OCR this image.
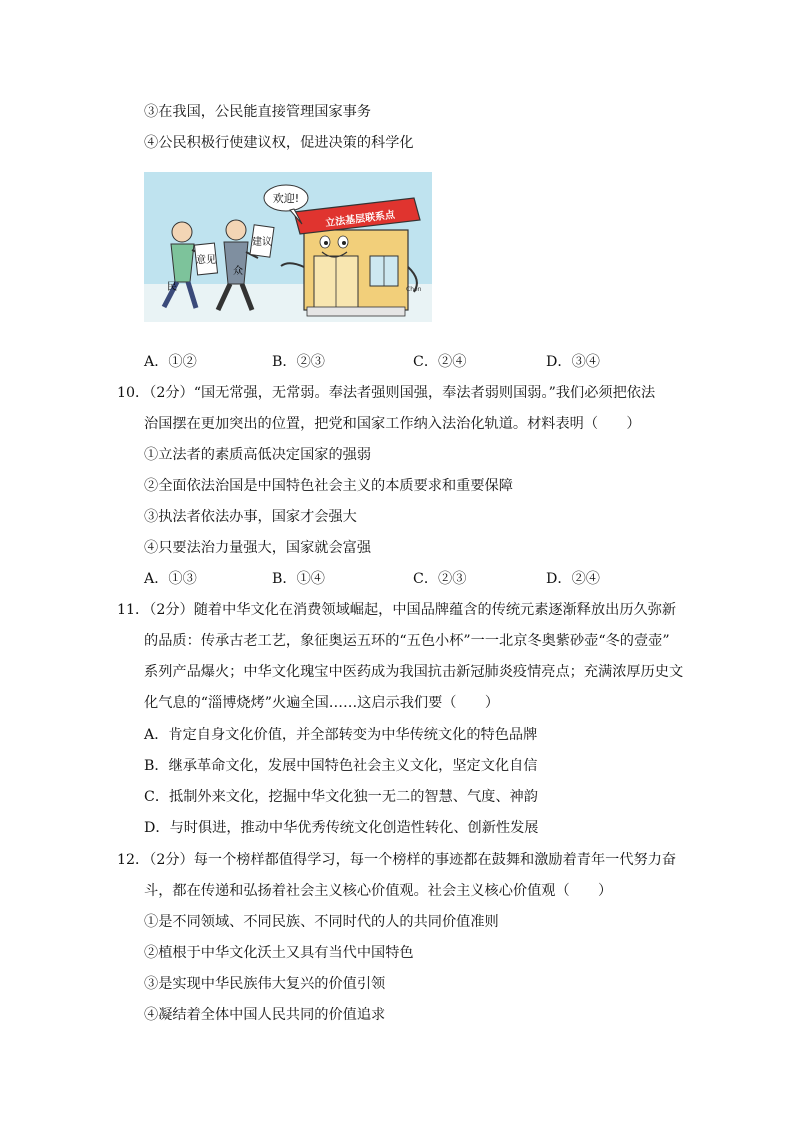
③在我国，公民能直接管理国家事务
④公民积极行使建议权，促进决策的科学化
立法基层联系点
欢迎!
意见
民
建议
众
Chen
A．①②	B．②③	C．②④	D．③④
10．（2分）“国无常强，无常弱。奉法者强则国强，奉法者弱则国弱。”我们必须把依法
治国摆在更加突出的位置，把党和国家工作纳入法治化轨道。材料表明（　　）
①立法者的素质高低决定国家的强弱
②全面依法治国是中国特色社会主义的本质要求和重要保障
③执法者依法办事，国家才会强大
④只要法治力量强大，国家就会富强
A．①③	B．①④	C．②③	D．②④
11．（2分）随着中华文化在消费领域崛起，中国品牌蕴含的传统元素逐渐释放出历久弥新
的品质：传承古老工艺，象征奥运五环的“五色小杯”一一北京冬奥紫砂壶“冬的壹壶”
系列产品爆火；中华文化瑰宝中医药成为我国抗击新冠肺炎疫情亮点；充满浓厚历史文
化气息的“淄博烧烤”火遍全国……这启示我们要（　　）
A．肯定自身文化价值，并全部转变为中华传统文化的特色品牌
B．继承革命文化，发展中国特色社会主义文化，坚定文化自信
C．抵制外来文化，挖掘中华文化独一无二的智慧、气度、神韵
D．与时俱进，推动中华优秀传统文化创造性转化、创新性发展
12．（2分）每一个榜样都值得学习，每一个榜样的事迹都在鼓舞和激励着青年一代努力奋
斗，都在传递和弘扬着社会主义核心价值观。社会主义核心价值观（　　）
①是不同领域、不同民族、不同时代的人的共同价值准则
②植根于中华文化沃土又具有当代中国特色
③是实现中华民族伟大复兴的价值引领
④凝结着全体中国人民共同的价值追求
